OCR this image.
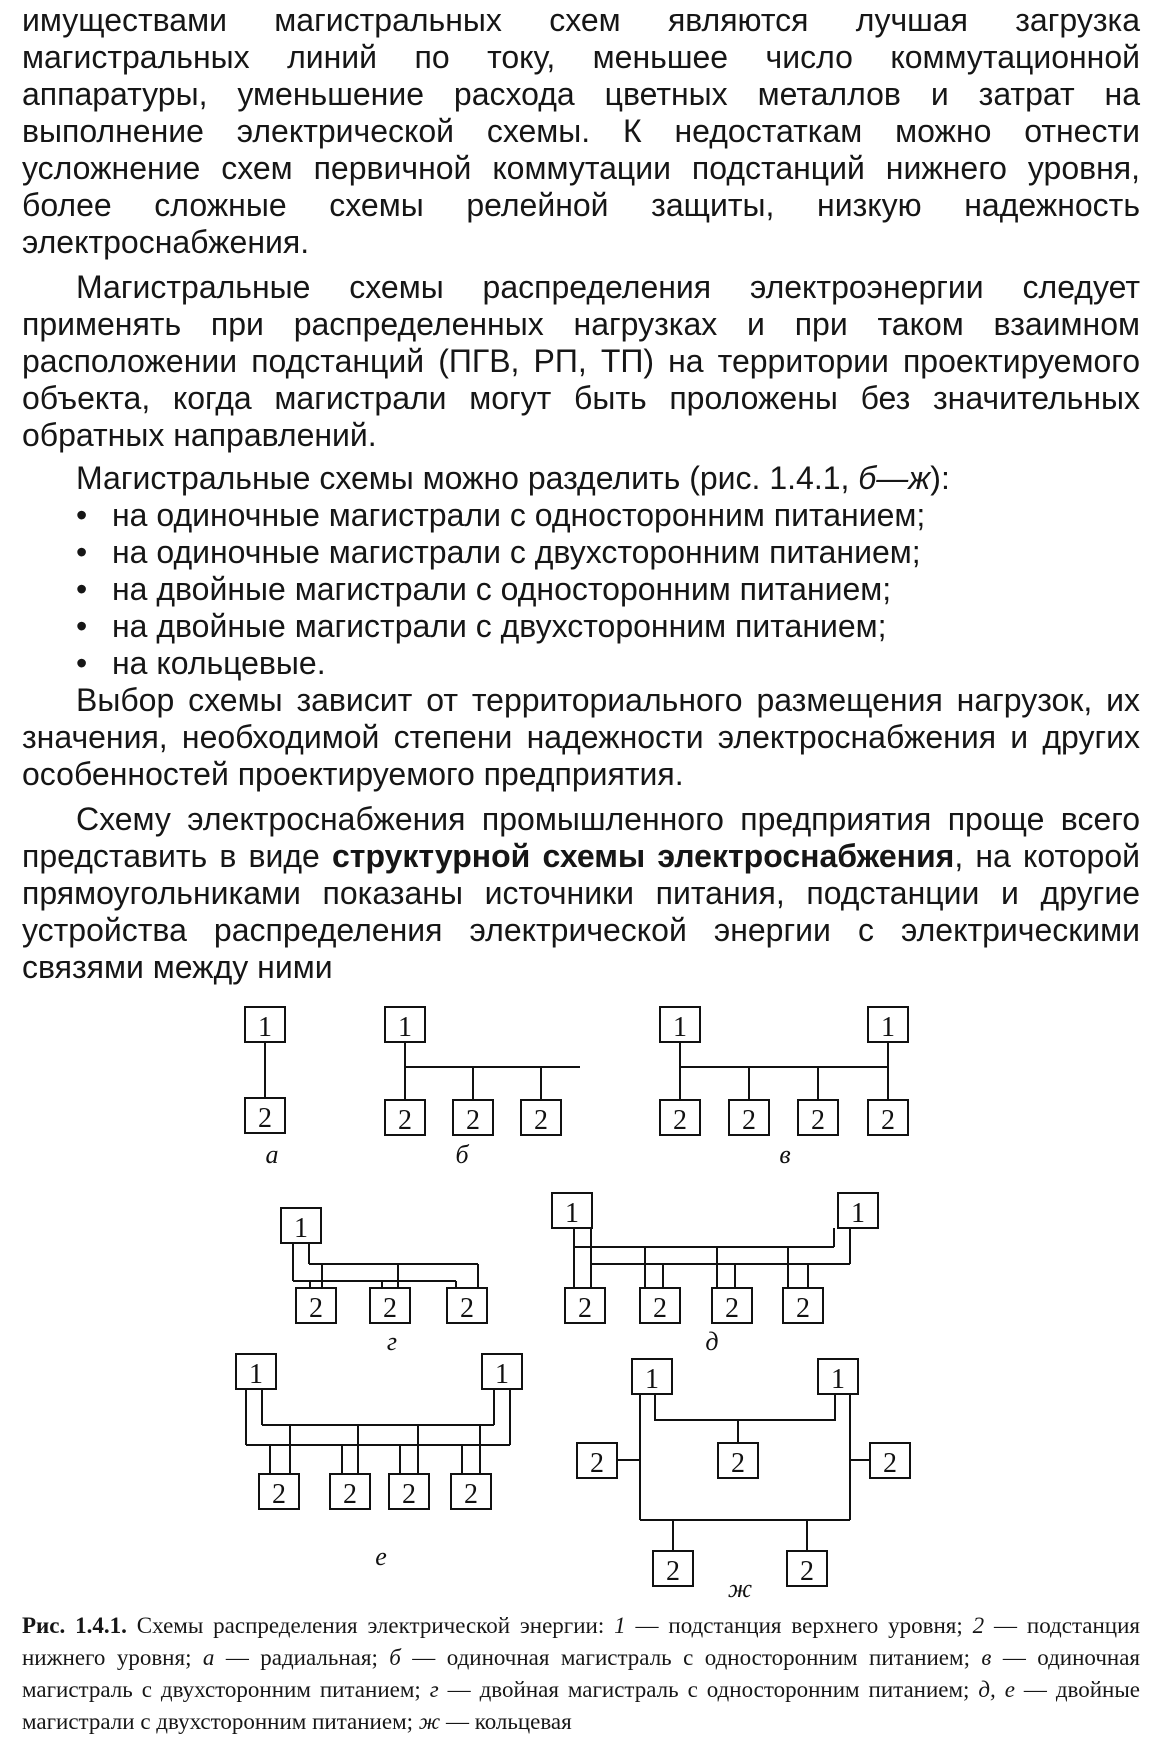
имуществами магистральных схем являются лучшая загрузка магистральных линий по току, меньшее число коммутационной аппаратуры, уменьшение расхода цветных металлов и затрат на выполнение электрической схемы. К недостаткам можно отнести усложнение схем первичной коммутации подстанций нижнего уровня, более сложные схемы релейной защиты, низкую надежность электроснабжения.

Магистральные схемы распределения электроэнергии следует применять при распределенных нагрузках и при таком взаимном расположении подстанций (ПГВ, РП, ТП) на территории проектируемого объекта, когда магистрали могут быть проложены без значительных обратных направлений.

Магистральные схемы можно разделить (рис. 1.4.1, б—ж):

• на одиночные магистрали с односторонним питанием;
• на одиночные магистрали с двухсторонним питанием;
• на двойные магистрали с односторонним питанием;
• на двойные магистрали с двухсторонним питанием;
• на кольцевые.

Выбор схемы зависит от территориального размещения нагрузок, их значения, необходимой степени надежности электроснабжения и других особенностей проектируемого предприятия.

Схему электроснабжения промышленного предприятия проще всего представить в виде структурной схемы электроснабжения, на которой прямоугольниками показаны источники питания, подстанции и другие устройства распределения электрической энергии с электрическими связями между ними

1
2
а
1
2 2 2
б
1	1
2 2 2 2
в
1
2 2 2
г
1	1
2 2 2 2
д
1	1
2 2 2 2
е
1	1
2	2	2
2	2
ж

Рис. 1.4.1. Схемы распределения электрической энергии: 1 — подстанция верхнего уровня; 2 — подстанция нижнего уровня; а — радиальная; б — одиночная магистраль с односторонним питанием; в — одиночная магистраль с двухсторонним питанием; г — двойная магистраль с односторонним питанием; д, е — двойные магистрали с двухсторонним питанием; ж — кольцевая
